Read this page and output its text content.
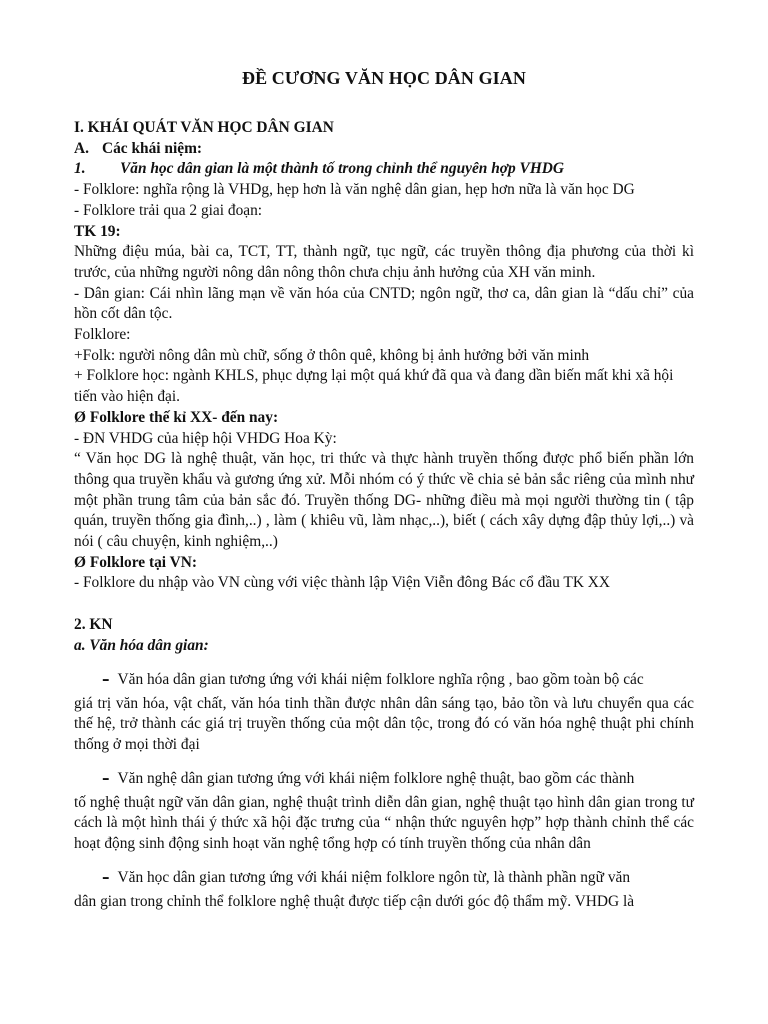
ĐỀ CƯƠNG VĂN HỌC DÂN GIAN

I. KHÁI QUÁT VĂN HỌC DÂN GIAN

A. Các khái niệm:
1.	Văn học dân gian là một thành tố trong chỉnh thể nguyên hợp VHDG

- Folklore: nghĩa rộng là VHDg, hẹp hơn là văn nghệ dân gian, hẹp hơn nữa là văn học DG

- Folklore trải qua 2 giai đoạn:

TK 19:

Những điệu múa, bài ca, TCT, TT, thành ngữ, tục ngữ, các truyền thông địa phương của thời kì trước, của những người nông dân nông thôn chưa chịu ảnh hưởng của XH văn minh.

- Dân gian: Cái nhìn lãng mạn về văn hóa của CNTD; ngôn ngữ, thơ ca, dân gian là “dấu chỉ” của hồn cốt dân tộc.

Folklore:

+Folk: người nông dân mù chữ, sống ở thôn quê, không bị ảnh hưởng bởi văn minh

+ Folklore học: ngành KHLS, phục dựng lại một quá khứ đã qua và đang dần biến mất khi xã hội tiến vào hiện đại.

Ø Folklore thế kỉ XX- đến nay:

- ĐN VHDG của hiệp hội VHDG Hoa Kỳ:

“ Văn học DG là nghệ thuật, văn học, tri thức và thực hành truyền thống được phổ biến phần lớn thông qua truyền khẩu và gương ứng xử. Mỗi nhóm có ý thức về chia sẻ bản sắc riêng của mình như một phần trung tâm của bản sắc đó. Truyền thống DG- những điều mà mọi người thường tin ( tập quán, truyền thống gia đình,..) , làm ( khiêu vũ, làm nhạc,..), biết ( cách xây dựng đập thủy lợi,..) và nói ( câu chuyện, kinh nghiệm,..)

Ø Folklore tại VN:

- Folklore du nhập vào VN cùng với việc thành lập Viện Viễn đông Bác cổ đầu TK XX

2. KN

a. Văn hóa dân gian:

– Văn hóa dân gian tương ứng với khái niệm folklore nghĩa rộng , bao gồm toàn bộ các
giá trị văn hóa, vật chất, văn hóa tinh thần được nhân dân sáng tạo, bảo tồn và lưu chuyển qua các thế hệ, trở thành các giá trị truyền thống của một dân tộc, trong đó có văn hóa nghệ thuật phi chính thống ở mọi thời đại
– Văn nghệ dân gian tương ứng với khái niệm folklore nghệ thuật, bao gồm các thành
tố nghệ thuật ngữ văn dân gian, nghệ thuật trình diễn dân gian, nghệ thuật tạo hình dân gian trong tư cách là một hình thái ý thức xã hội đặc trưng của “ nhận thức nguyên hợp” hợp thành chỉnh thể các hoạt động sinh động sinh hoạt văn nghệ tổng hợp có tính truyền thống của nhân dân
– Văn học dân gian tương ứng với khái niệm folklore ngôn từ, là thành phần ngữ văn
dân gian trong chỉnh thể folklore nghệ thuật được tiếp cận dưới góc độ thẩm mỹ. VHDG là
